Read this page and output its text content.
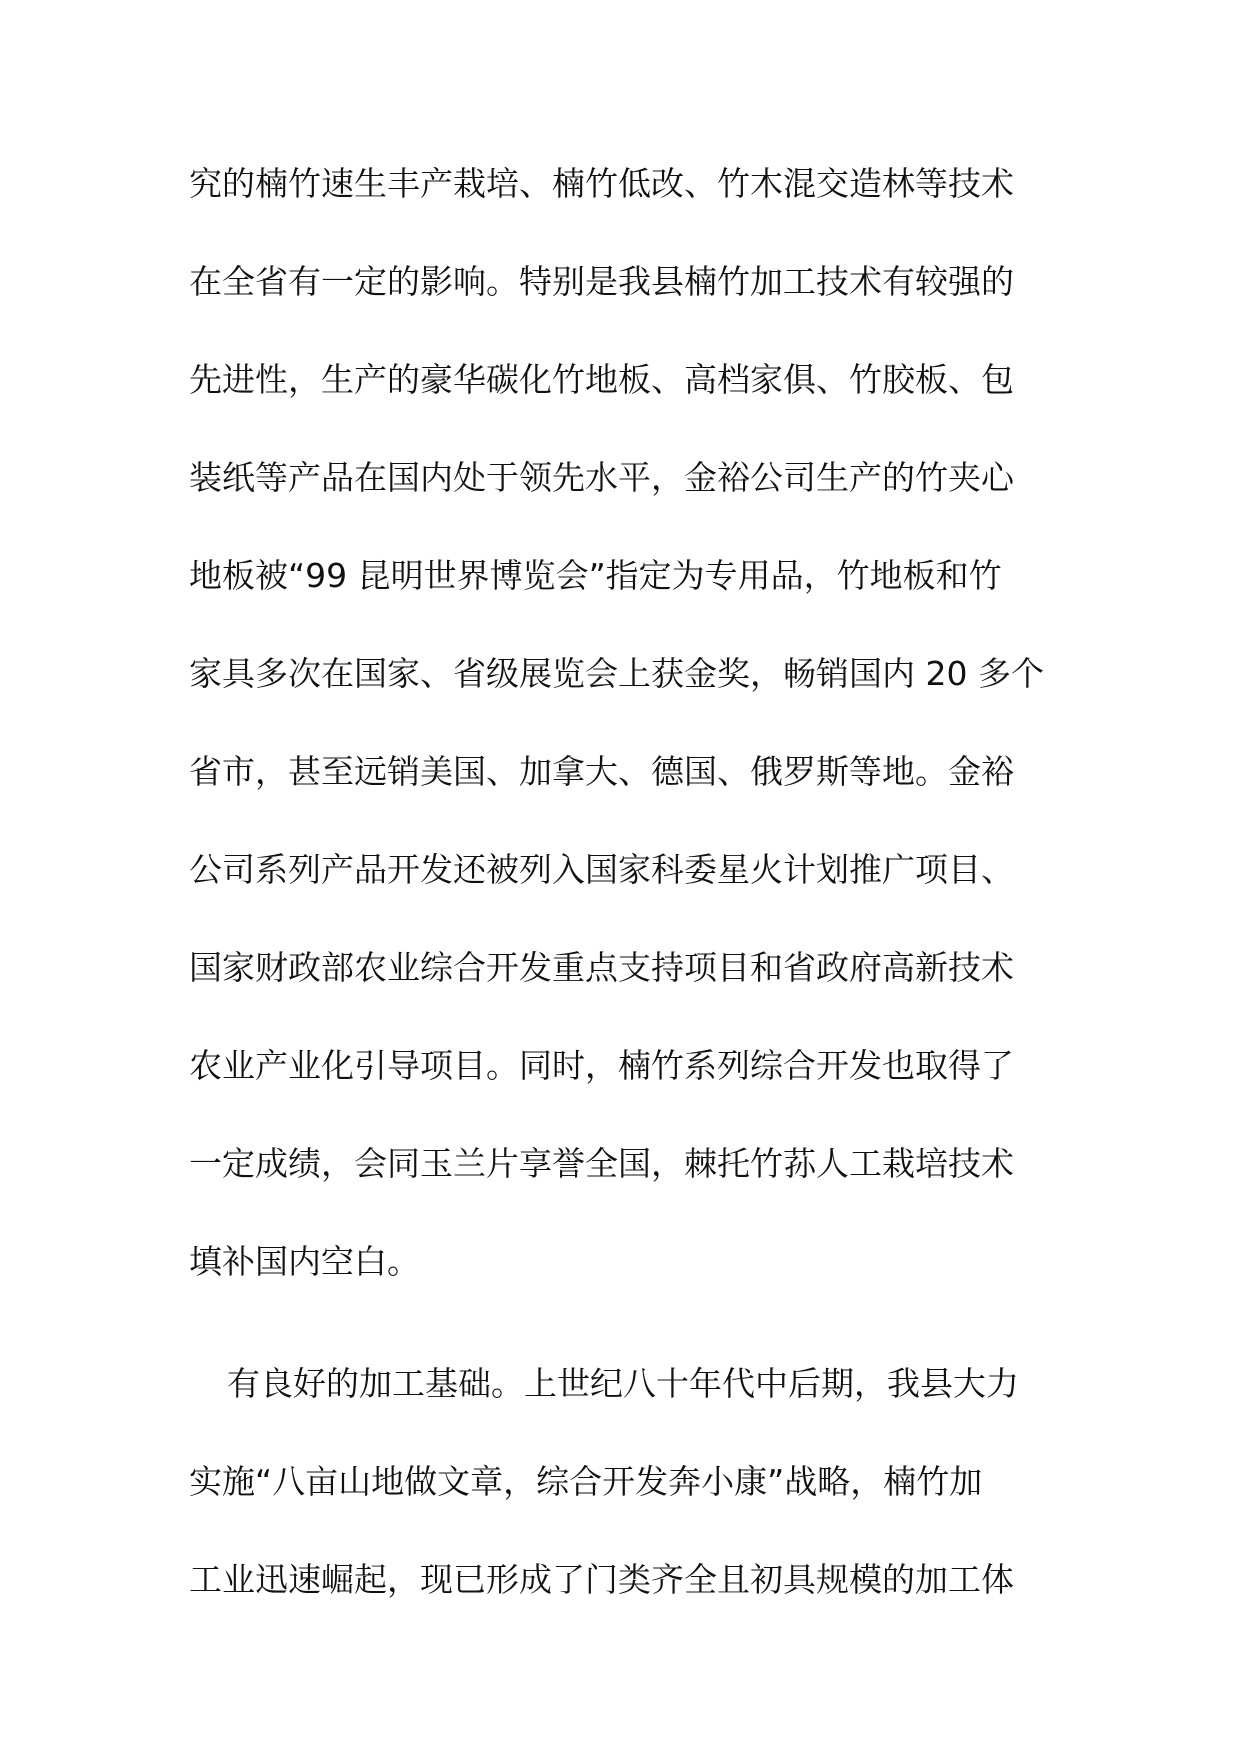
究的楠竹速生丰产栽培、楠竹低改、竹木混交造林等技术
在全省有一定的影响。特别是我县楠竹加工技术有较强的
先进性，生产的豪华碳化竹地板、高档家俱、竹胶板、包
装纸等产品在国内处于领先水平，金裕公司生产的竹夹心
地板被“99 昆明世界博览会”指定为专用品，竹地板和竹
家具多次在国家、省级展览会上获金奖，畅销国内 20 多个
省市，甚至远销美国、加拿大、德国、俄罗斯等地。金裕
公司系列产品开发还被列入国家科委星火计划推广项目、
国家财政部农业综合开发重点支持项目和省政府高新技术
农业产业化引导项目。同时，楠竹系列综合开发也取得了
一定成绩，会同玉兰片享誉全国，棘托竹荪人工栽培技术
填补国内空白。
有良好的加工基础。上世纪八十年代中后期，我县大力
实施“八亩山地做文章，综合开发奔小康”战略，楠竹加
工业迅速崛起，现已形成了门类齐全且初具规模的加工体
